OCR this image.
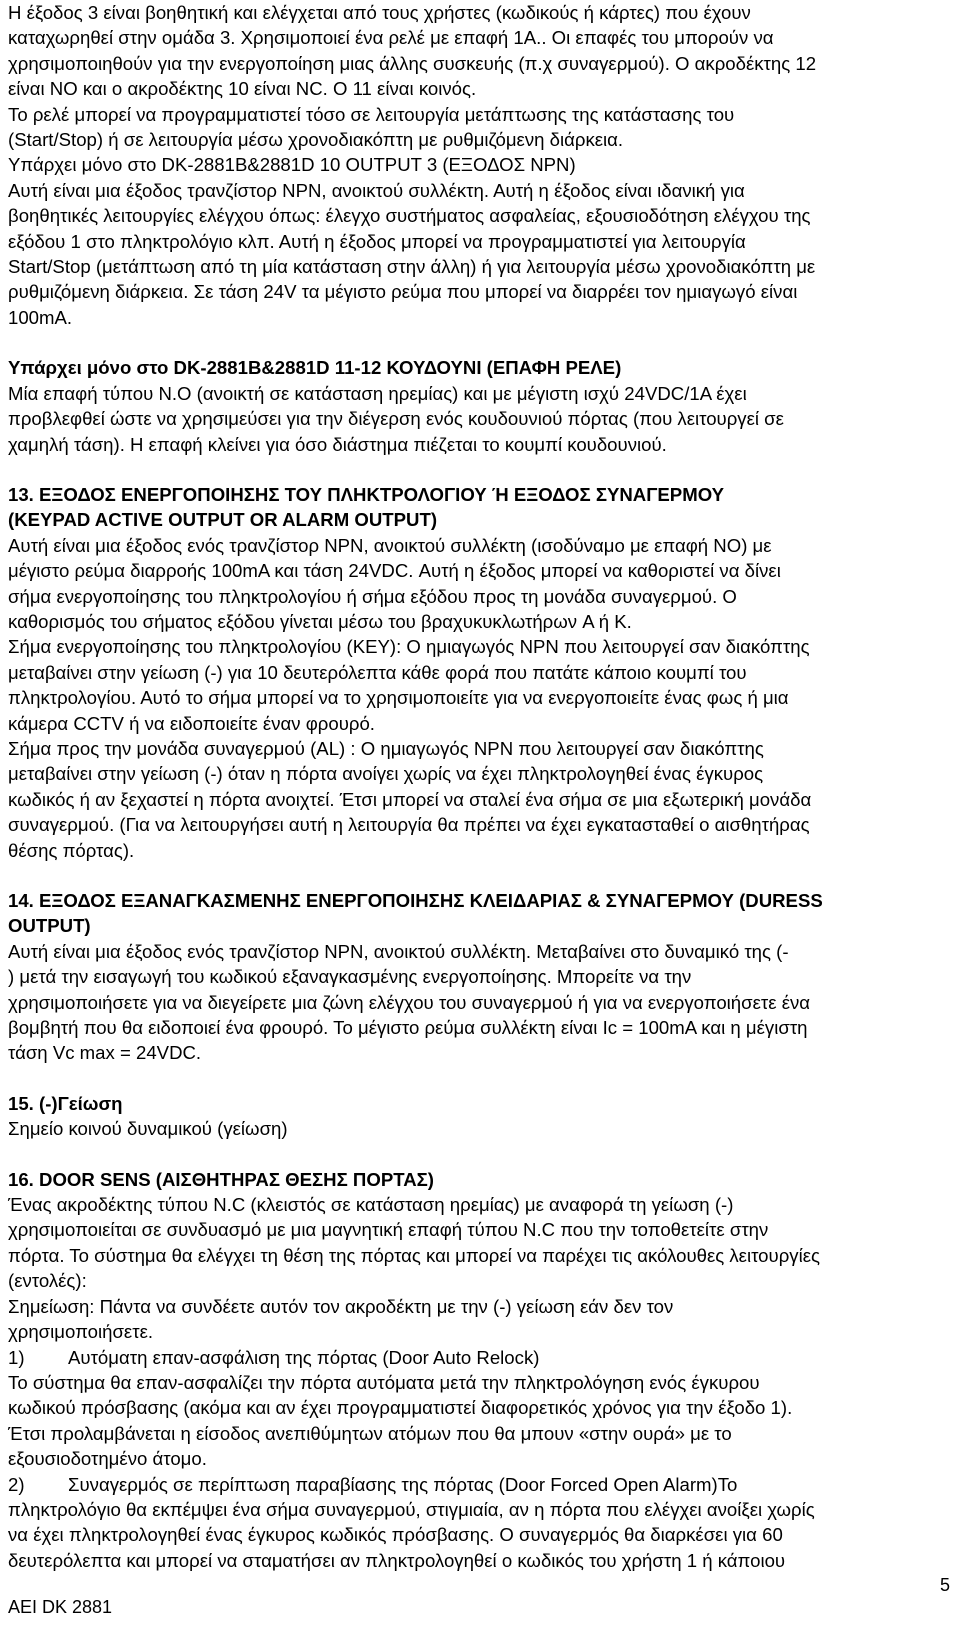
Η έξοδος 3 είναι βοηθητική και ελέγχεται από τους χρήστες (κωδικούς ή κάρτες) που έχουν

καταχωρηθεί στην ομάδα 3. Χρησιμοποιεί ένα ρελέ με επαφή 1Α.. Οι επαφές του μπορούν να

χρησιμοποιηθούν για την ενεργοποίηση μιας άλλης συσκευής (π.χ συναγερμού). Ο ακροδέκτης 12

είναι NO και ο ακροδέκτης 10 είναι NC. O 11 είναι κοινός.

Το ρελέ μπορεί να προγραμματιστεί τόσο σε λειτουργία μετάπτωσης της κατάστασης του

(Start/Stop) ή σε λειτουργία μέσω χρονοδιακόπτη με ρυθμιζόμενη διάρκεια.

Υπάρχει μόνο στο DK-2881B&2881D 10 OUTPUT 3 (ΕΞΟΔΟΣ NPN)

Αυτή είναι μια έξοδος τρανζίστορ NPN, ανοικτού συλλέκτη. Αυτή η έξοδος είναι ιδανική για

βοηθητικές λειτουργίες ελέγχου όπως: έλεγχο συστήματος ασφαλείας, εξουσιοδότηση ελέγχου της

εξόδου 1 στο πληκτρολόγιο κλπ. Αυτή η έξοδος μπορεί να προγραμματιστεί για λειτουργία

Start/Stop (μετάπτωση από τη μία κατάσταση στην άλλη) ή για λειτουργία μέσω χρονοδιακόπτη με

ρυθμιζόμενη διάρκεια. Σε τάση 24V τα μέγιστο ρεύμα που μπορεί να διαρρέει τον ημιαγωγό είναι

100mA.

Υπάρχει μόνο στο DK-2881B&2881D 11-12 ΚΟΥΔΟΥΝΙ (ΕΠΑΦΗ ΡΕΛΕ)

Μία επαφή τύπου N.O (ανοικτή σε κατάσταση ηρεμίας) και με μέγιστη ισχύ 24VDC/1A έχει

προβλεφθεί ώστε να χρησιμεύσει για την διέγερση ενός κουδουνιού πόρτας (που λειτουργεί σε

χαμηλή τάση). Η επαφή κλείνει για όσο διάστημα πιέζεται το κουμπί κουδουνιού.

13. ΕΞΟΔΟΣ ΕΝΕΡΓΟΠΟΙΗΣΗΣ ΤΟΥ ΠΛΗΚΤΡΟΛΟΓΙΟΥ Ή ΕΞΟΔΟΣ ΣΥΝΑΓΕΡΜΟΥ

(KEYPAD ACTIVE OUTPUT OR ALARM OUTPUT)

Αυτή είναι μια έξοδος ενός τρανζίστορ NPN, ανοικτού συλλέκτη (ισοδύναμο με επαφή ΝΟ) με

μέγιστο ρεύμα διαρροής 100mA και τάση 24VDC. Αυτή η έξοδος μπορεί να καθοριστεί να δίνει

σήμα ενεργοποίησης του πληκτρολογίου ή σήμα εξόδου προς τη μονάδα συναγερμού. Ο

καθορισμός του σήματος εξόδου γίνεται μέσω του βραχυκυκλωτήρων A ή K.

Σήμα ενεργοποίησης του πληκτρολογίου (KEY): Ο ημιαγωγός NPN που λειτουργεί σαν διακόπτης

μεταβαίνει στην γείωση (-) για 10 δευτερόλεπτα κάθε φορά που πατάτε κάποιο κουμπί του

πληκτρολογίου. Αυτό το σήμα μπορεί να το χρησιμοποιείτε για να ενεργοποιείτε ένας φως ή μια

κάμερα CCTV ή να ειδοποιείτε έναν φρουρό.

Σήμα προς την μονάδα συναγερμού (AL) : Ο ημιαγωγός NPN που λειτουργεί σαν διακόπτης

μεταβαίνει στην γείωση (-) όταν η πόρτα ανοίγει χωρίς να έχει πληκτρολογηθεί ένας έγκυρος

κωδικός ή αν ξεχαστεί η πόρτα ανοιχτεί. Έτσι μπορεί να σταλεί ένα σήμα σε μια εξωτερική μονάδα

συναγερμού. (Για να λειτουργήσει αυτή η λειτουργία θα πρέπει να έχει εγκατασταθεί ο αισθητήρας

θέσης πόρτας).

14. ΕΞΟΔΟΣ ΕΞΑΝΑΓΚΑΣΜΕΝΗΣ ΕΝΕΡΓΟΠΟΙΗΣΗΣ ΚΛΕΙΔΑΡΙΑΣ & ΣΥΝΑΓΕΡΜΟΥ (DURESS

OUTPUT)

Αυτή είναι μια έξοδος ενός τρανζίστορ NPN, ανοικτού συλλέκτη. Μεταβαίνει στο δυναμικό της (-

) μετά την εισαγωγή του κωδικού εξαναγκασμένης ενεργοποίησης. Μπορείτε να την

χρησιμοποιήσετε για να διεγείρετε μια ζώνη ελέγχου του συναγερμού ή για να ενεργοποιήσετε ένα

βομβητή που θα ειδοποιεί ένα φρουρό. Το μέγιστο ρεύμα συλλέκτη είναι Ic = 100mA και η μέγιστη

τάση Vc max = 24VDC.

15. (-)Γείωση

Σημείο κοινού δυναμικού (γείωση)

16. DOOR SENS (ΑΙΣΘΗΤΗΡΑΣ ΘΕΣΗΣ ΠΟΡΤΑΣ)

Ένας ακροδέκτης τύπου N.C (κλειστός σε κατάσταση ηρεμίας) με αναφορά τη γείωση (-)

χρησιμοποιείται σε συνδυασμό με μια μαγνητική επαφή τύπου N.C που την τοποθετείτε στην

πόρτα. Το σύστημα θα ελέγχει τη θέση της πόρτας και μπορεί να παρέχει τις ακόλουθες λειτουργίες

(εντολές):

Σημείωση: Πάντα να συνδέετε αυτόν τον ακροδέκτη με την (-) γείωση εάν δεν τον

χρησιμοποιήσετε.

1)	Αυτόματη επαν-ασφάλιση της πόρτας (Door Auto Relock)

Το σύστημα θα επαν-ασφαλίζει την πόρτα αυτόματα μετά την πληκτρολόγηση ενός έγκυρου

κωδικού πρόσβασης (ακόμα και αν έχει προγραμματιστεί διαφορετικός χρόνος για την έξοδο 1).

Έτσι προλαμβάνεται η είσοδος ανεπιθύμητων ατόμων που θα μπουν «στην ουρά» με το

εξουσιοδοτημένο άτομο.

2)	Συναγερμός σε περίπτωση παραβίασης της πόρτας (Door Forced Open Alarm)Το

πληκτρολόγιο θα εκπέμψει ένα σήμα συναγερμού, στιγμιαία, αν η πόρτα που ελέγχει ανοίξει χωρίς

να έχει πληκτρολογηθεί ένας έγκυρος κωδικός πρόσβασης. Ο συναγερμός θα διαρκέσει για 60

δευτερόλεπτα και μπορεί να σταματήσει αν πληκτρολογηθεί ο κωδικός του χρήστη 1 ή κάποιου

5
AEI DK 2881
